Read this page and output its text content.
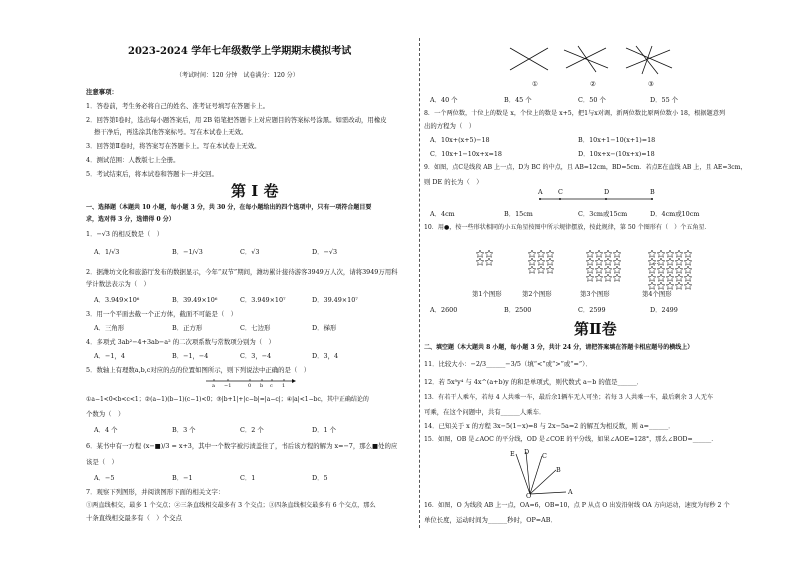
2023-2024 学年七年级数学上学期期末模拟考试
（考试时间：120 分钟　试卷满分：120 分）
注意事项：
1．答卷前，考生务必将自己的姓名、准考证号填写在答题卡上。
2．回答第Ⅰ卷时，选出每小题答案后，用 2B 铅笔把答题卡上对应题目的答案标号涂黑。如需改动，用橡皮
擦干净后，再选涂其他答案标号。写在本试卷上无效。
3．回答第Ⅱ卷时，将答案写在答题卡上。写在本试卷上无效。
4．测试范围：人教版七上全册。
5．考试结束后，将本试卷和答题卡一并交回。
第 Ⅰ 卷
一、选择题（本题共 10 小题，每小题 3 分，共 30 分，在每小题给出的四个选项中，只有一项符合题目要
求，选对得 3 分，选错得 0 分）
1．−√3 的相反数是（　）
A．1/√3	B．−1/√3	C．√3	D．−√3
2．据潍坊文化和旅游厅发布的数据显示，今年“双节”期间，潍坊累计接待游客3949万人次，请将3949万用科
学计数法表示为（　）
A．3.949×10⁶	B．39.49×10⁶	C．3.949×10⁷	D．39.49×10⁷
3．用一个平面去截一个正方体，截面不可能是（　）
A．三角形	B．正方形	C．七边形	D．梯形
4．多项式 3ab²−4+3ab−a² 的二次项系数与常数项分别为（　）
A．−1，4	B．−1，−4	C．3，−4	D．3，4
5．数轴上有理数a,b,c对应的点的位置如图所示，则下列说法中正确的是（　）
a −1	0 b c 1
①a−1<0<b<c<1；②(a−1)(b−1)(c−1)<0；③|b+1|+|c−b|=|a−c|；④|a|<1−bc，其中正确结论的
个数为（　）
A．4 个	B．3 个	C．2 个	D．1 个
6．某书中有一方程 (x−■)/3 = x+3，其中一个数字被污渍盖住了，书后该方程的解为 x=−7，那么■处的应
该是（　）
A．−5	B．−1	C．1	D．5
7．观察下列图形，并阅读图形下面的相关文字：
①两直线相交，最多 1 个交点；②三条直线相交最多有 3 个交点；③四条直线相交最多有 6 个交点，那么
十条直线相交最多有（　）个交点
①	②	③
A．40 个	B．45 个	C．50 个	D．55 个
8．一个两位数，十位上的数是 x，个位上的数是 x+5，把1与x对调，新两位数比原两位数小 18，根据题意列
出的方程为（　）
A．10x+(x+5)−18	B．10x+1−10(x+1)=18
C．10x+1−10x+x=18	D．10x+x−(10x+x)=18
9．如图，点C是线段 AB 上一点，D为 BC 的中点，且 AB=12cm，BD=5cm．若点E在直线 AB 上，且 AE=3cm，
则 DE 的长为（　）
A C	D	B
A．4cm	B．15cm	C．3cm或15cm	D．4cm或10cm
10．用●，按一些形状相同的小五角星按图中所示规律摆放，按此规律，第 50 个图形有（　）个五角星．
…
第1个图形	第2个图形	第3个图形	第4个图形
A．2600	B．2500	C．2599	D．2499
第Ⅱ卷
二、填空题（本大题共 8 小题，每小题 3 分，共计 24 分，请把答案填在答题卡相应题号的横线上）
11．比较大小：−2/3______−3/5（填“<”或“>”或“=”）．
12．若 5x⁵y⁴ 与 4x^(a+b)y 的和是单项式，则代数式 a−b 的值是______．
13．有若干人乘车，若每 4 人共乘一车，最后余1辆车无人可坐；若每 3 人共乘一车，最后剩余 3 人无车
可乘，在这个问题中，共有______人乘车．
14．已知关于 x 的方程 3x−5(1−x)=8 与 2x−5a=2 的解互为相反数，则 a=______．
15．如图，OB 是∠AOC 的平分线，OD 是∠COE 的平分线，如果∠AOE=128°，那么∠BOD=______．
E D C
B
A
O
16．如图，O 为线段 AB 上一点，OA=6，OB=10，点 P 从点 O 出发沿射线 OA 方向运动，速度为每秒 2 个
单位长度，运动时间为______秒时，OP=AB．
